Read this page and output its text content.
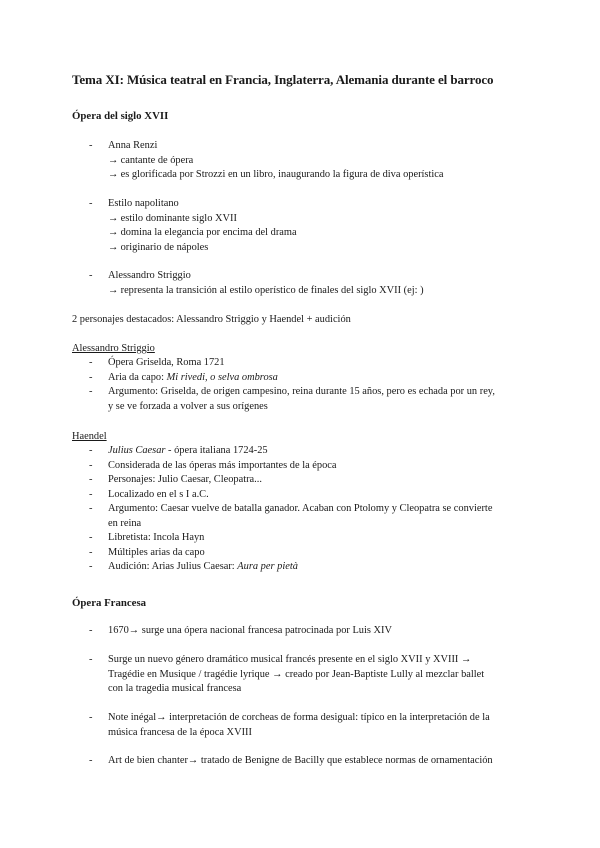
Tema XI: Música teatral en Francia, Inglaterra, Alemania durante el barroco
Ópera del siglo XVII
- Anna Renzi
→ cantante de ópera
→ es glorificada por Strozzi en un libro, inaugurando la figura de diva operística
- Estilo napolitano
→ estilo dominante siglo XVII
→ domina la elegancia por encima del drama
→ originario de nápoles
- Alessandro Striggio
→ representa la transición al estilo operístico de finales del siglo XVII (ej: )
2 personajes destacados: Alessandro Striggio y Haendel + audición
Alessandro Striggio
- Ópera Griselda, Roma 1721
- Aria da capo: Mi rivedi, o selva ombrosa
- Argumento: Griselda, de origen campesino, reina durante 15 años, pero es echada por un rey,
y se ve forzada a volver a sus orígenes
Haendel
- Julius Caesar - ópera italiana 1724-25
- Considerada de las óperas más importantes de la época
- Personajes: Julio Caesar, Cleopatra...
- Localizado en el s I a.C.
- Argumento: Caesar vuelve de batalla ganador. Acaban con Ptolomy y Cleopatra se convierte
en reina
- Libretista: Incola Hayn
- Múltiples arias da capo
- Audición: Arias Julius Caesar: Aura per pietà
Ópera Francesa
- 1670→ surge una ópera nacional francesa patrocinada por Luis XIV
- Surge un nuevo género dramático musical francés presente en el siglo XVII y XVIII →
Tragédie en Musique / tragédie lyrique → creado por Jean-Baptiste Lully al mezclar ballet
con la tragedia musical francesa
- Note inégal→ interpretación de corcheas de forma desigual: típico en la interpretación de la
música francesa de la época XVIII
- Art de bien chanter→ tratado de Benigne de Bacilly que establece normas de ornamentación
